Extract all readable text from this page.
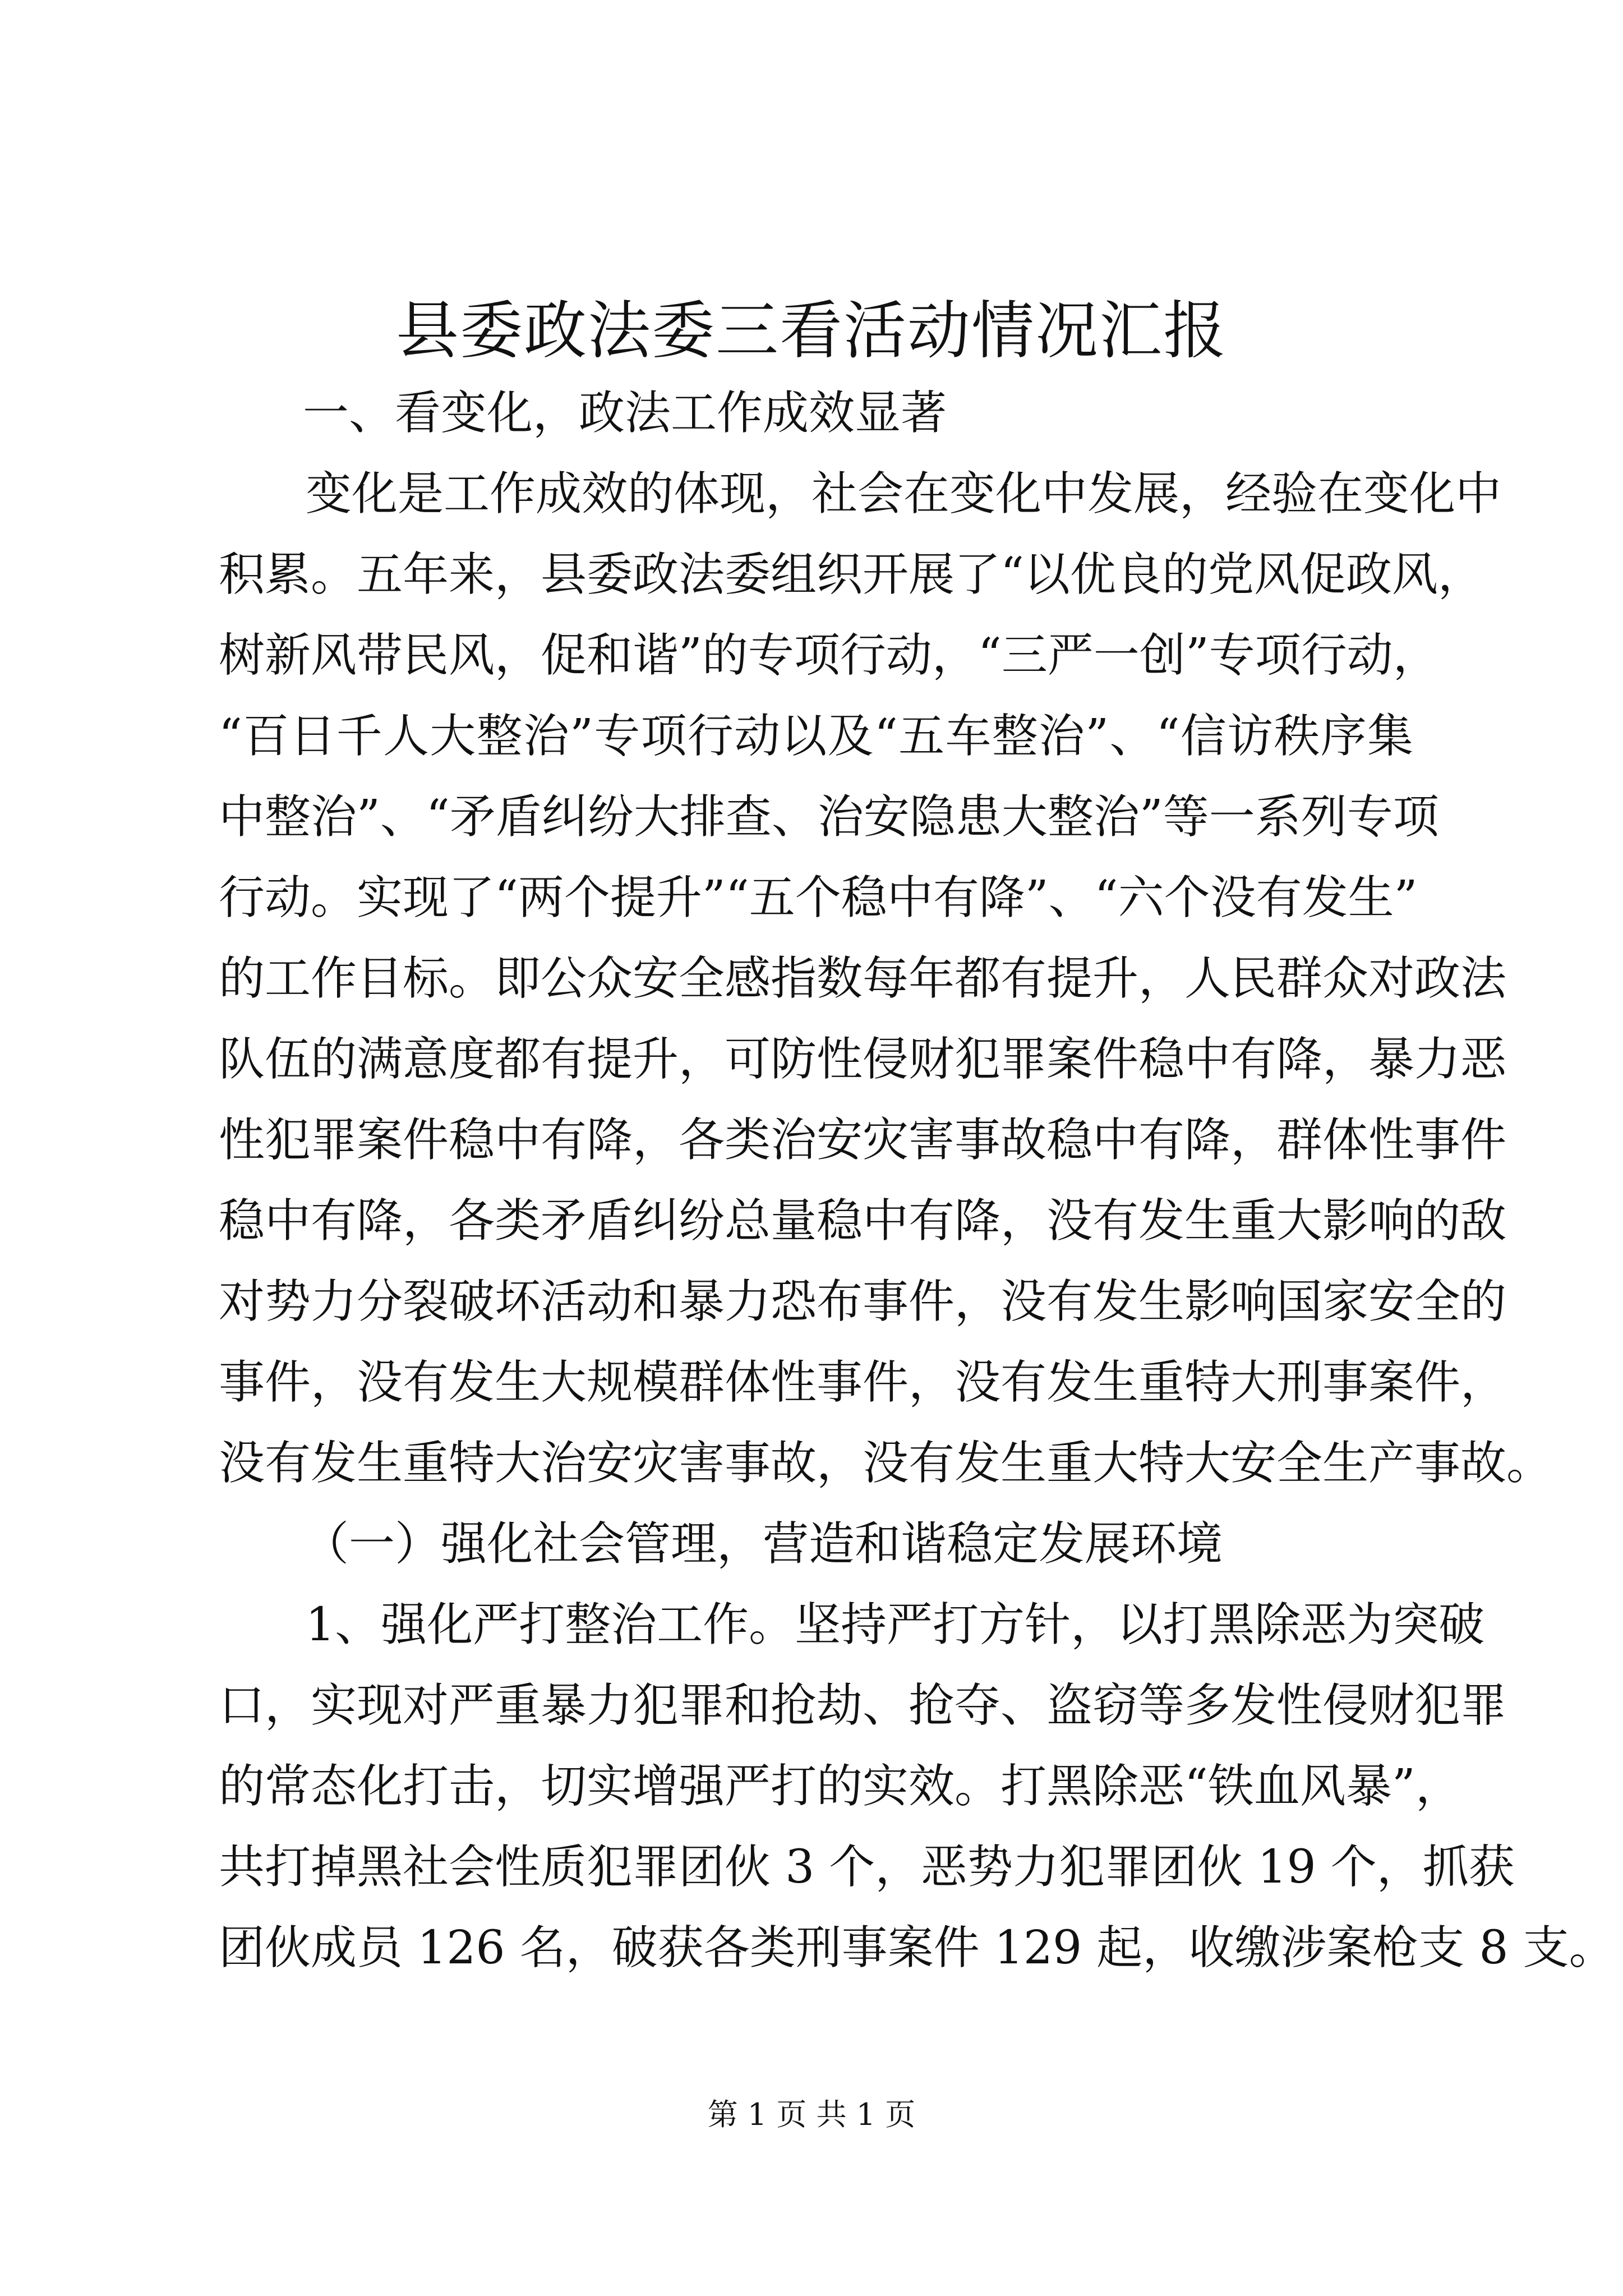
县委政法委三看活动情况汇报
一、看变化，政法工作成效显著
变化是工作成效的体现，社会在变化中发展，经验在变化中
积累。五年来，县委政法委组织开展了“以优良的党风促政风，
树新风带民风，促和谐”的专项行动，“三严一创”专项行动，
“百日千人大整治”专项行动以及“五车整治”、“信访秩序集
中整治”、“矛盾纠纷大排查、治安隐患大整治”等一系列专项
行动。实现了“两个提升”“五个稳中有降”、“六个没有发生”
的工作目标。即公众安全感指数每年都有提升，人民群众对政法
队伍的满意度都有提升，可防性侵财犯罪案件稳中有降，暴力恶
性犯罪案件稳中有降，各类治安灾害事故稳中有降，群体性事件
稳中有降，各类矛盾纠纷总量稳中有降，没有发生重大影响的敌
对势力分裂破坏活动和暴力恐布事件，没有发生影响国家安全的
事件，没有发生大规模群体性事件，没有发生重特大刑事案件，
没有发生重特大治安灾害事故，没有发生重大特大安全生产事故。
（一）强化社会管理，营造和谐稳定发展环境
1、强化严打整治工作。坚持严打方针，以打黑除恶为突破
口，实现对严重暴力犯罪和抢劫、抢夺、盗窃等多发性侵财犯罪
的常态化打击，切实增强严打的实效。打黑除恶“铁血风暴”，
共打掉黑社会性质犯罪团伙 3 个，恶势力犯罪团伙 19 个，抓获
团伙成员 126 名，破获各类刑事案件 129 起，收缴涉案枪支 8 支。
第 1 页 共 1 页
